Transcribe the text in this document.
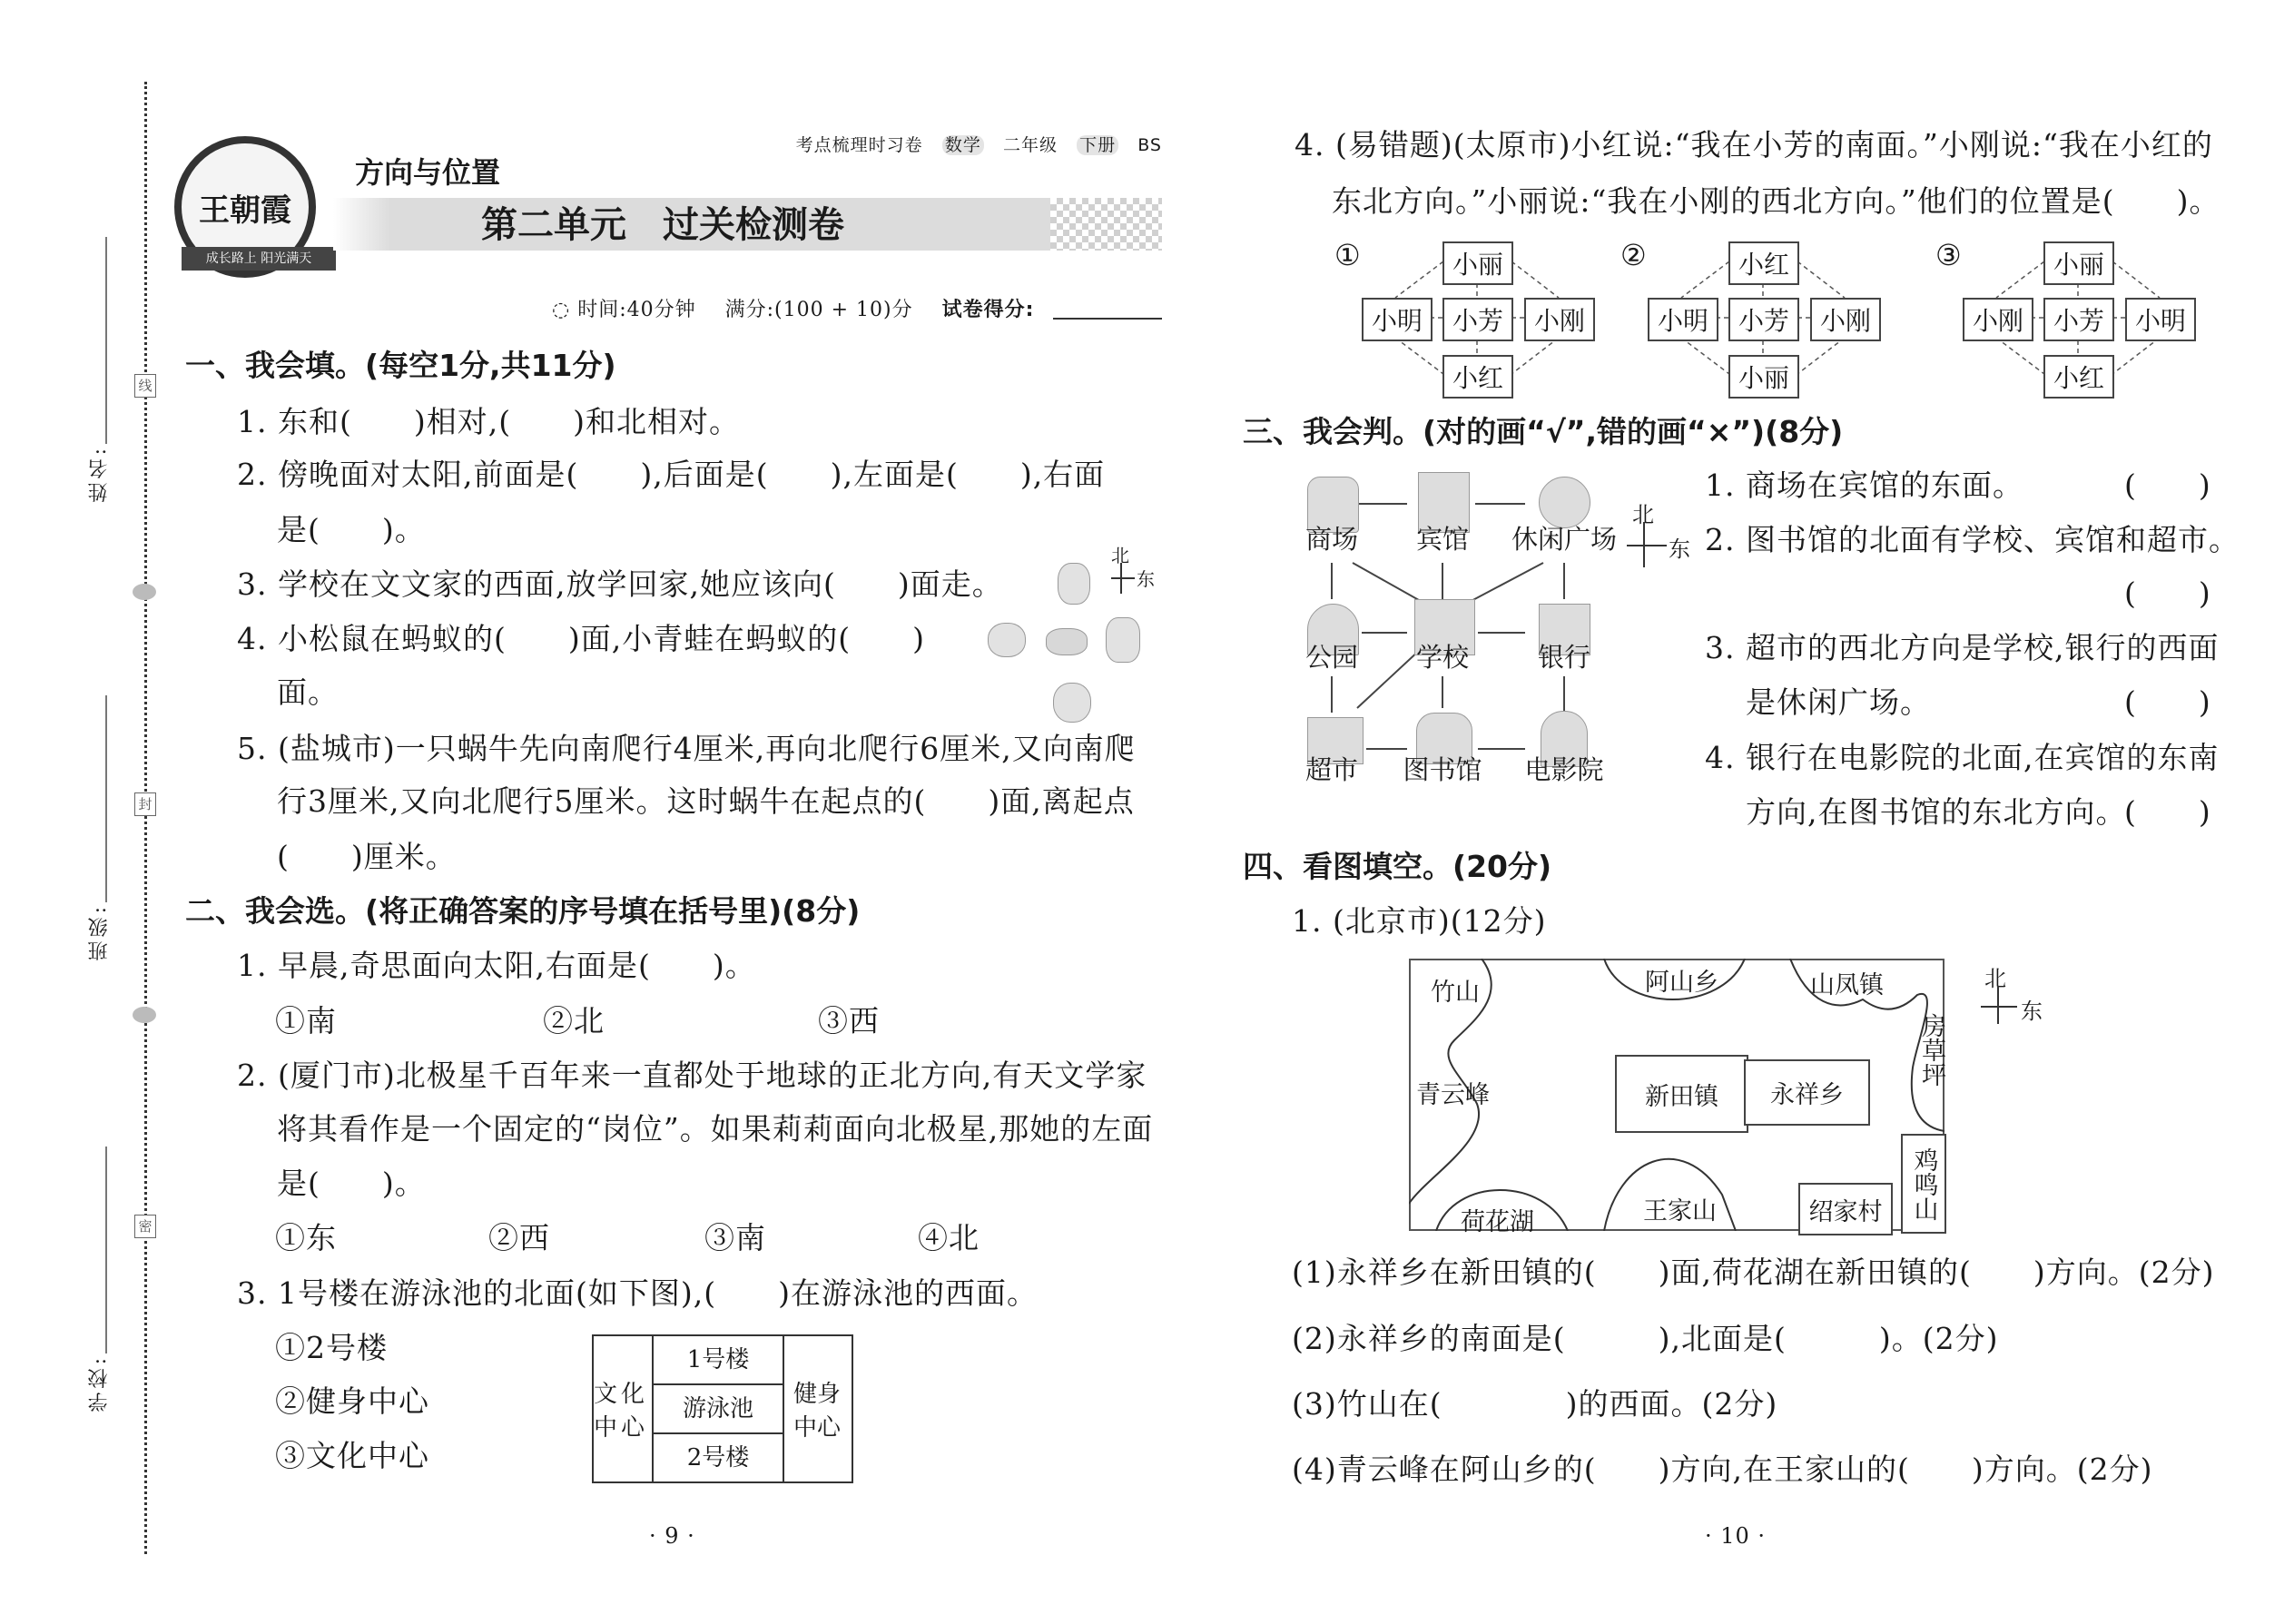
姓名:
班级:
学校:
线
封
密
王朝霞
成长路上 阳光满天
考点梳理时习卷 数学 二年级 下册 BS
方向与位置
第二单元　过关检测卷
◌ 时间:40分钟 满分:(100 + 10)分 试卷得分:
一、我会填。(每空1分,共11分)
1. 东和(　　)相对,(　　)和北相对。
2. 傍晚面对太阳,前面是(　　),后面是(　　),左面是(　　),右面
是(　　)。
3. 学校在文文家的西面,放学回家,她应该向(　　)面走。
4. 小松鼠在蚂蚁的(　　)面,小青蛙在蚂蚁的(　　)
面。
5. (盐城市)一只蜗牛先向南爬行4厘米,再向北爬行6厘米,又向南爬
行3厘米,又向北爬行5厘米。这时蜗牛在起点的(　　)面,离起点
(　　)厘米。
北
东
二、我会选。(将正确答案的序号填在括号里)(8分)
1. 早晨,奇思面向太阳,右面是(　　)。
①南	②北	③西
2. (厦门市)北极星千百年来一直都处于地球的正北方向,有天文学家
将其看作是一个固定的“岗位”。如果莉莉面向北极星,那她的左面
是(　　)。
①东	②西	③南	④北
3. 1号楼在游泳池的北面(如下图),(　　)在游泳池的西面。
①2号楼
②健身中心
③文化中心
文化中心
1号楼
游泳池
2号楼
健身中心
· 9 ·
4. (易错题)(太原市)小红说:“我在小芳的南面。”小刚说:“我在小红的
东北方向。”小丽说:“我在小刚的西北方向。”他们的位置是(　　)。
①	小丽
小明	小芳	小刚
小红
②	小红
小明	小芳	小刚
小丽
③	小丽
小刚	小芳	小明
小红
三、我会判。(对的画“√”,错的画“×”)(8分)
商场	宾馆	休闲广场
公园	学校	银行
超市	图书馆	电影院
北
东
1. 商场在宾馆的东面。
2. 图书馆的北面有学校、宾馆和超市。
3. 超市的西北方向是学校,银行的西面
是休闲广场。
4. 银行在电影院的北面,在宾馆的东南
方向,在图书馆的东北方向。
(　　)
(　　)
(　　)
(　　)
四、看图填空。(20分)
1. (北京市)(12分)
竹山	阿山乡	山凤镇
房草坪
青云峰	新田镇	永祥乡
鸡鸣山
荷花湖	王家山	绍家村
北
东
(1)永祥乡在新田镇的(　　)面,荷花湖在新田镇的(　　)方向。(2分)
(2)永祥乡的南面是(　　　),北面是(　　　)。(2分)
(3)竹山在(　　　　)的西面。(2分)
(4)青云峰在阿山乡的(　　)方向,在王家山的(　　)方向。(2分)
· 10 ·
